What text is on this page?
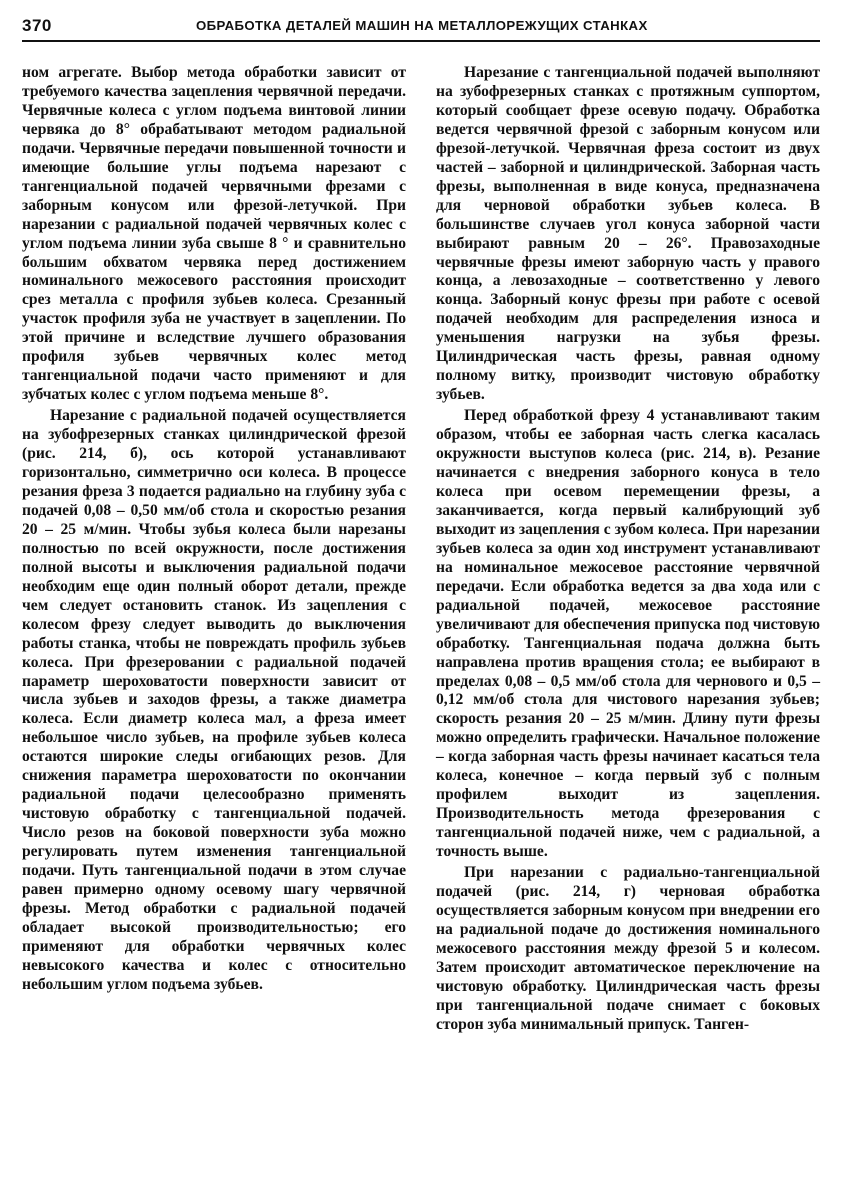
370	ОБРАБОТКА ДЕТАЛЕЙ МАШИН НА МЕТАЛЛОРЕЖУЩИХ СТАНКАХ

ном агрегате. Выбор метода обработки зависит от требуемого качества зацепления червячной передачи. Червячные колеса с углом подъема винтовой линии червяка до 8° обрабатывают методом радиальной подачи. Червячные передачи повышенной точности и имеющие большие углы подъема нарезают с тангенциальной подачей червячными фрезами с заборным конусом или фрезой-летучкой. При нарезании с радиальной подачей червячных колес с углом подъема линии зуба свыше 8 ° и сравнительно большим обхватом червяка перед достижением номинального межосевого расстояния происходит срез металла с профиля зубьев колеса. Срезанный участок профиля зуба не участвует в зацеплении. По этой причине и вследствие лучшего образования профиля зубьев червячных колес метод тангенциальной подачи часто применяют и для зубчатых колес с углом подъема меньше 8°.

Нарезание с радиальной подачей осуществляется на зубофрезерных станках цилиндрической фрезой (рис. 214, б), ось которой устанавливают горизонтально, симметрично оси колеса. В процессе резания фреза 3 подается радиально на глубину зуба с подачей 0,08 – 0,50 мм/об стола и скоростью резания 20 – 25 м/мин. Чтобы зубья колеса были нарезаны полностью по всей окружности, после достижения полной высоты и выключения радиальной подачи необходим еще один полный оборот детали, прежде чем следует остановить станок. Из зацепления с колесом фрезу следует выводить до выключения работы станка, чтобы не повреждать профиль зубьев колеса. При фрезеровании с радиальной подачей параметр шероховатости поверхности зависит от числа зубьев и заходов фрезы, а также диаметра колеса. Если диаметр колеса мал, а фреза имеет небольшое число зубьев, на профиле зубьев колеса остаются широкие следы огибающих резов. Для снижения параметра шероховатости по окончании радиальной подачи целесообразно применять чистовую обработку с тангенциальной подачей. Число резов на боковой поверхности зуба можно регулировать путем изменения тангенциальной подачи. Путь тангенциальной подачи в этом случае равен примерно одному осевому шагу червячной фрезы. Метод обработки с радиальной подачей обладает высокой производительностью; его применяют для обработки червячных колес невысокого качества и колес с относительно небольшим углом подъема зубьев.

Нарезание с тангенциальной подачей выполняют на зубофрезерных станках с протяжным суппортом, который сообщает фрезе осевую подачу. Обработка ведется червячной фрезой с заборным конусом или фрезой-летучкой. Червячная фреза состоит из двух частей – заборной и цилиндрической. Заборная часть фрезы, выполненная в виде конуса, предназначена для черновой обработки зубьев колеса. В большинстве случаев угол конуса заборной части выбирают равным 20 – 26°. Правозаходные червячные фрезы имеют заборную часть у правого конца, а левозаходные – соответственно у левого конца. Заборный конус фрезы при работе с осевой подачей необходим для распределения износа и уменьшения нагрузки на зубья фрезы. Цилиндрическая часть фрезы, равная одному полному витку, производит чистовую обработку зубьев.

Перед обработкой фрезу 4 устанавливают таким образом, чтобы ее заборная часть слегка касалась окружности выступов колеса (рис. 214, в). Резание начинается с внедрения заборного конуса в тело колеса при осевом перемещении фрезы, а заканчивается, когда первый калибрующий зуб выходит из зацепления с зубом колеса. При нарезании зубьев колеса за один ход инструмент устанавливают на номинальное межосевое расстояние червячной передачи. Если обработка ведется за два хода или с радиальной подачей, межосевое расстояние увеличивают для обеспечения припуска под чистовую обработку. Тангенциальная подача должна быть направлена против вращения стола; ее выбирают в пределах 0,08 – 0,5 мм/об стола для чернового и 0,5 – 0,12 мм/об стола для чистового нарезания зубьев; скорость резания 20 – 25 м/мин. Длину пути фрезы можно определить графически. Начальное положение – когда заборная часть фрезы начинает касаться тела колеса, конечное – когда первый зуб с полным профилем выходит из зацепления. Производительность метода фрезерования с тангенциальной подачей ниже, чем с радиальной, а точность выше.

При нарезании с радиально-тангенциальной подачей (рис. 214, г) черновая обработка осуществляется заборным конусом при внедрении его на радиальной подаче до достижения номинального межосевого расстояния между фрезой 5 и колесом. Затем происходит автоматическое переключение на чистовую обработку. Цилиндрическая часть фрезы при тангенциальной подаче снимает с боковых сторон зуба минимальный припуск. Танген-
